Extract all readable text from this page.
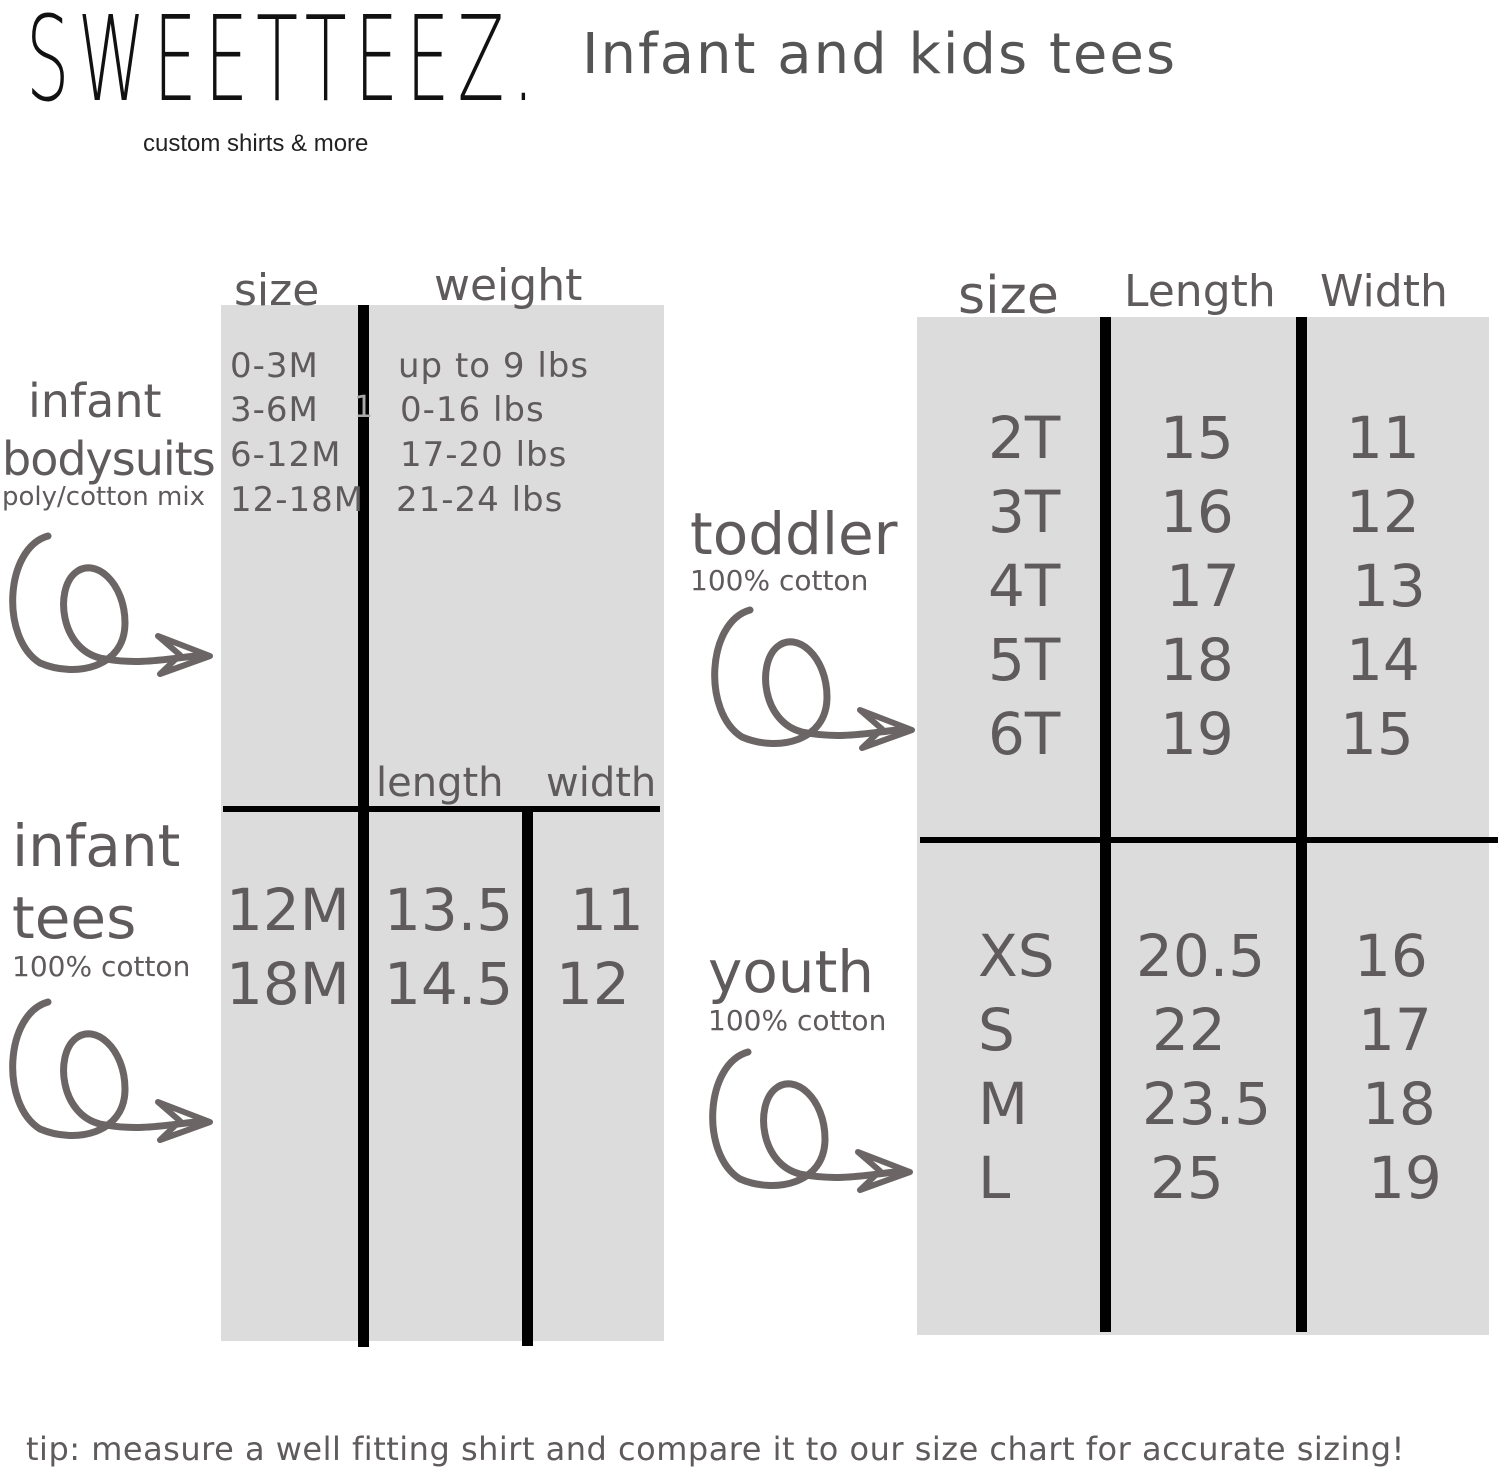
SWEETTEEZ.
custom shirts & more
Infant and kids tees
size	weight
0-3M
3-6M
6-12M
12-18M
up to 9 lbs
0-16 lbs
17-20 lbs
21-24 lbs
1
infant
bodysuits
poly/cotton mix
length width
12M
18M
13.5
14.5
11
12
infant
tees
100% cotton
size Length Width
2T
3T
4T
5T
6T
15
16
17
18
19
11
12
13
14
15
toddler
100% cotton
XS
S
M
L
20.5
22
23.5
25
16
17
18
19
youth
100% cotton
tip: measure a well fitting shirt and compare it to our size chart for accurate sizing!
